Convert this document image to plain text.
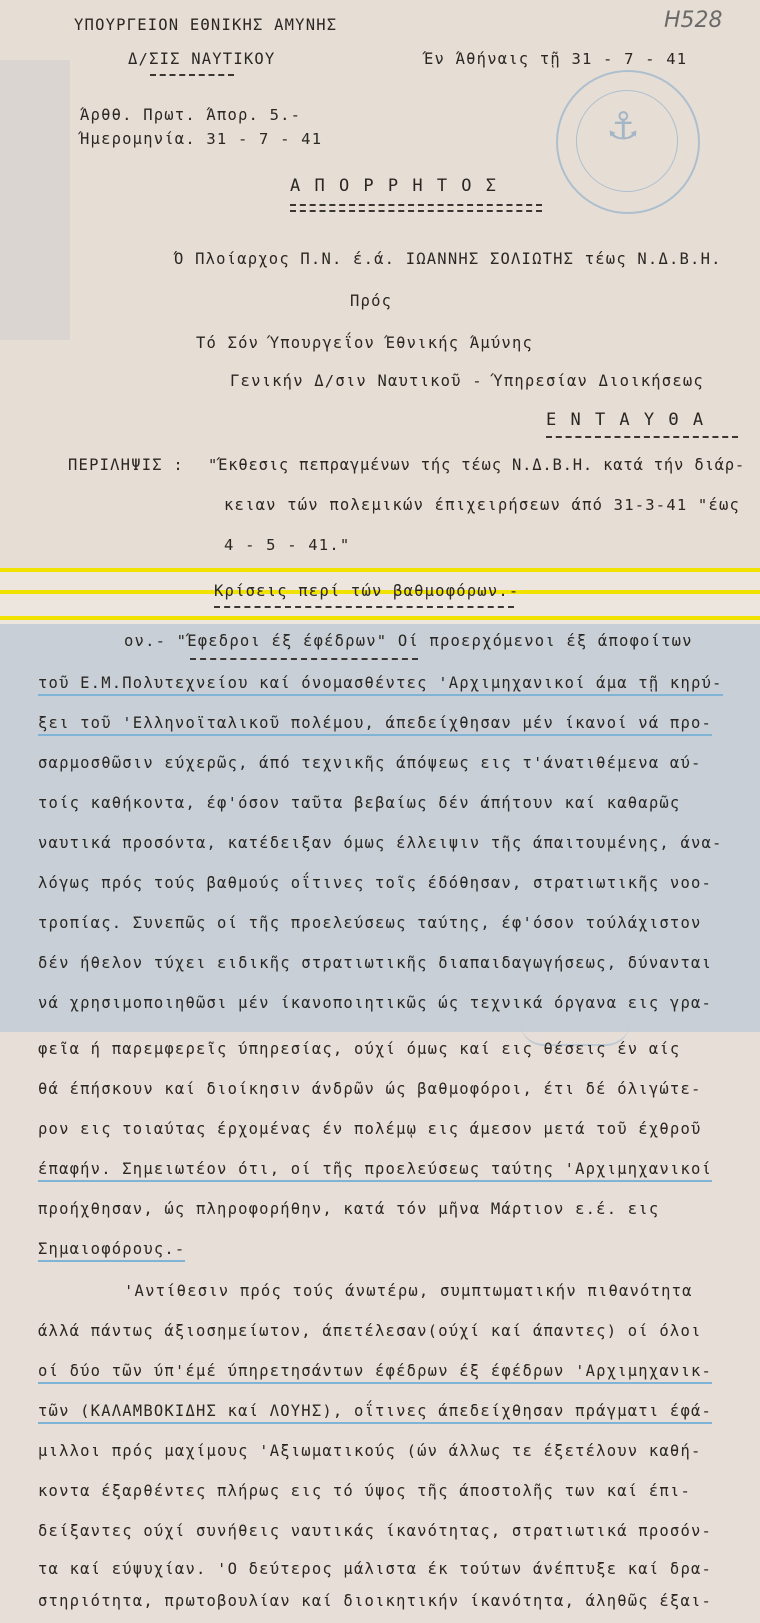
⚓
Η528
ΥΠΟΥΡΓΕΙΟΝ ΕΘΝΙΚΗΣ ΑΜΥΝΗΣ
Δ/ΣΙΣ ΝΑΥΤΙΚΟΥ	Έν Άθήναις τῇ 31 - 7 - 41
Άρθθ. Πρωτ. Άπορ. 5.-
Ήμερομηνία. 31 - 7 - 41
Α Π Ο Ρ Ρ Η Τ Ο Σ
Ό Πλοίαρχος Π.Ν. έ.ά. ΙΩΑΝΝΗΣ ΣΟΛΙΩΤΗΣ τέως Ν.Δ.Β.Η.
Πρός
Τό Σόν Ύπουργεΐον Έθνικής Άμύνης
Γενικήν Δ/σιν Ναυτικοῦ - Ύπηρεσίαν Διοικήσεως
Ε Ν Τ Α Υ Θ Α
ΠΕΡΙΛΗΨΙΣ : "Έκθεσις πεπραγμένων τής τέως Ν.Δ.Β.Η. κατά τήν διάρ-
κειαν τών πολεμικών έπιχειρήσεων άπό 31-3-41 "έως
4 - 5 - 41."
Κρίσεις περί τών βαθμοφόρων.-
ον.- "Έφεδροι έξ έφέδρων" Οί προερχόμενοι έξ άποφοίτων
τοῦ Ε.Μ.Πολυτεχνείου καί όνομασθέντες 'Αρχιμηχανικοί άμα τῇ κηρύ-
ξει τοῦ 'Ελληνοϊταλικοῦ πολέμου, άπεδείχθησαν μέν ίκανοί νά προ-
σαρμοσθῶσιν εύχερῶς, άπό τεχνικῆς άπόψεως εις τ'άνατιθέμενα αύ-
τοίς καθήκοντα, έφ'όσον ταῦτα βεβαίως δέν άπήτουν καί καθαρῶς
ναυτικά προσόντα, κατέδειξαν όμως έλλειψιν τῆς άπαιτουμένης, άνα-
λόγως πρός τούς βαθμούς οΐτινες τοῖς έδόθησαν, στρατιωτικῆς νοο-
τροπίας. Συνεπῶς οί τῆς προελεύσεως ταύτης, έφ'όσον τούλάχιστον
δέν ήθελον τύχει ειδικῆς στρατιωτικῆς διαπαιδαγωγήσεως, δύνανται
νά χρησιμοποιηθῶσι μέν ίκανοποιητικῶς ώς τεχνικά όργανα εις γρα-
φεῖα ή παρεμφερεῖς ύπηρεσίας, ούχί όμως καί εις θέσεις έν αίς
θά έπήσκουν καί διοίκησιν άνδρῶν ώς βαθμοφόροι, έτι δέ όλιγώτε-
ρον εις τοιαύτας έρχομένας έν πολέμῳ εις άμεσον μετά τοῦ έχθροῦ
έπαφήν. Σημειωτέον ότι, οί τῆς προελεύσεως ταύτης 'Αρχιμηχανικοί
προήχθησαν, ώς πληροφορήθην, κατά τόν μῆνα Μάρτιον ε.έ. εις
Σημαιοφόρους.-
'Αντίθεσιν πρός τούς άνωτέρω, συμπτωματικήν πιθανότητα
άλλά πάντως άξιοσημείωτον, άπετέλεσαν(ούχί καί άπαντες) οί όλοι
οί δύο τῶν ύπ'έμέ ύπηρετησάντων έφέδρων έξ έφέδρων 'Αρχιμηχανικ-
τῶν (ΚΑΛΑΜΒΟΚΙΔΗΣ καί ΛΟΥΗΣ), οΐτινες άπεδείχθησαν πράγματι έφά-
μιλλοι πρός μαχίμους 'Αξιωματικούς (ών άλλως τε έξετέλουν καθή-
κοντα έξαρθέντες πλήρως εις τό ύψος τῆς άποστολῆς των καί έπι-
δείξαντες ούχί συνήθεις ναυτικάς ίκανότητας, στρατιωτικά προσόν-
τα καί εύψυχίαν. 'Ο δεύτερος μάλιστα έκ τούτων άνέπτυξε καί δρα-
στηριότητα, πρωτοβουλίαν καί διοικητικήν ίκανότητα, άληθῶς έξαι-
